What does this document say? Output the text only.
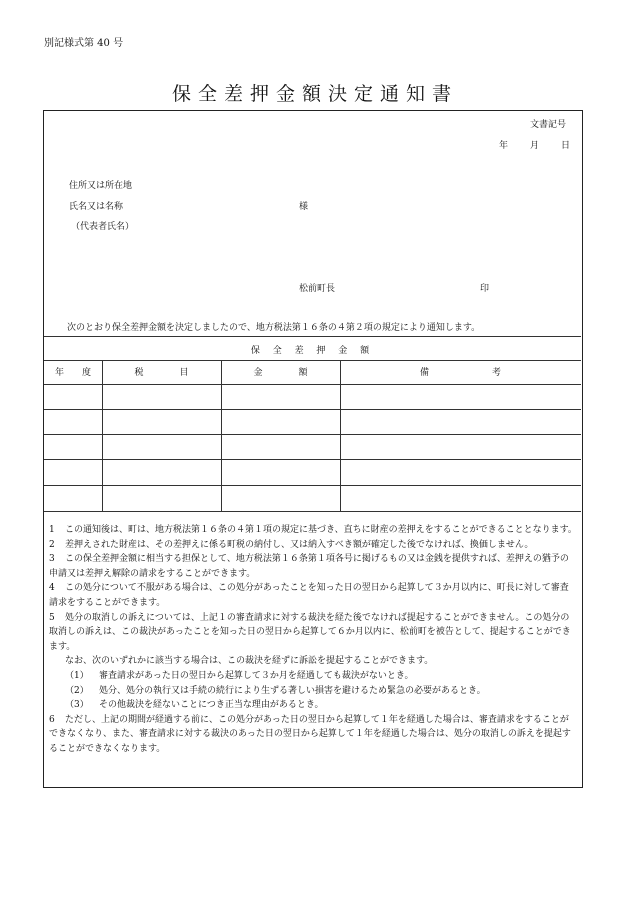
別記様式第 40 号
保全差押金額決定通知書
文書記号
年 月 日
住所又は所在地
氏名又は名称	様
（代表者氏名）
松前町長	印
次のとおり保全差押金額を決定しましたので、地方税法第１６条の４第２項の規定により通知します。
保 全 差 押 金 額
年　　度	税　　　　目	金　　　　額	備　　　　　　　考

1 この通知後は、町は、地方税法第１６条の４第１項の規定に基づき、直ちに財産の差押えをすることができることとなります。

2 差押えされた財産は、その差押えに係る町税の納付し、又は納入すべき額が確定した後でなければ、換価しません。

3 この保全差押金額に相当する担保として、地方税法第１６条第１項各号に掲げるもの又は金銭を提供すれば、差押えの猶予の申請又は差押え解除の請求をすることができます。

4 この処分について不服がある場合は、この処分があったことを知った日の翌日から起算して３か月以内に、町長に対して審査請求をすることができます。

5 処分の取消しの訴えについては、上記１の審査請求に対する裁決を経た後でなければ提起することができません。この処分の取消しの訴えは、この裁決があったことを知った日の翌日から起算して６か月以内に、松前町を被告として、提起することができます。

なお、次のいずれかに該当する場合は、この裁決を経ずに訴訟を提起することができます。

（1） 審査請求があった日の翌日から起算して３か月を経過しても裁決がないとき。

（2） 処分、処分の執行又は手続の続行により生ずる著しい損害を避けるため緊急の必要があるとき。

（3） その他裁決を経ないことにつき正当な理由があるとき。

6 ただし、上記の期間が経過する前に、この処分があった日の翌日から起算して１年を経過した場合は、審査請求をすることができなくなり、また、審査請求に対する裁決のあった日の翌日から起算して１年を経過した場合は、処分の取消しの訴えを提起することができなくなります。
